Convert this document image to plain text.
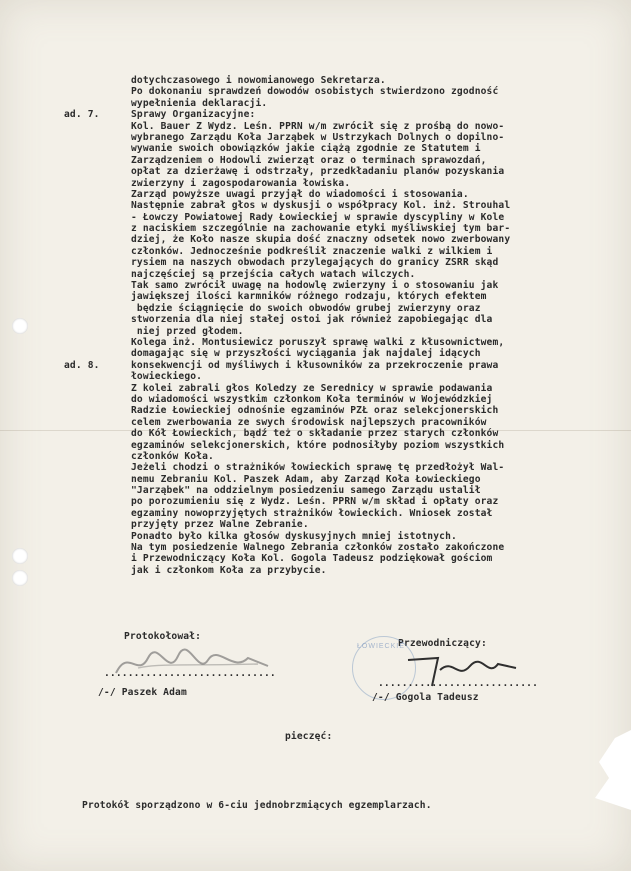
dotychczasowego i nowomianowego Sekretarza.
Po dokonaniu sprawdzeń dowodów osobistych stwierdzono zgodność
wypełnienia deklaracji.
Sprawy Organizacyjne:
Kol. Bauer Z Wydz. Leśn. PPRN w/m zwrócił się z prośbą do nowo-
wybranego Zarządu Koła Jarząbek w Ustrzykach Dolnych o dopilno-
wywanie swoich obowiązków jakie ciążą zgodnie ze Statutem i
Zarządzeniem o Hodowli zwierząt oraz o terminach sprawozdań,
opłat za dzierżawę i odstrzały, przedkładaniu planów pozyskania
zwierzyny i zagospodarowania łowiska.
Zarząd powyższe uwagi przyjął do wiadomości i stosowania.
Następnie zabrał głos w dyskusji o współpracy Kol. inż. Strouhal
- Łowczy Powiatowej Rady Łowieckiej w sprawie dyscypliny w Kole
z naciskiem szczególnie na zachowanie etyki myśliwskiej tym bar-
dziej, że Koło nasze skupia dość znaczny odsetek nowo zwerbowany
członków. Jednocześnie podkreślił znaczenie walki z wilkiem i
rysiem na naszych obwodach przylegających do granicy ZSRR skąd
najczęściej są przejścia całych watach wilczych.
Tak samo zwrócił uwagę na hodowlę zwierzyny i o stosowaniu jak
jawiększej ilości karmników różnego rodzaju, których efektem
będzie ściągnięcie do swoich obwodów grubej zwierzyny oraz
stworzenia dla niej stałej ostoi jak również zapobiegając dla
niej przed głodem.
Kolega inż. Montusiewicz poruszył sprawę walki z kłusownictwem,
domagając się w przyszłości wyciągania jak najdalej idących
konsekwencji od myśliwych i kłusowników za przekroczenie prawa
łowieckiego.
Z kolei zabrali głos Koledzy ze Serednicy w sprawie podawania
do wiadomości wszystkim członkom Koła terminów w Wojewódzkiej
Radzie Łowieckiej odnośnie egzaminów PZŁ oraz selekcjonerskich
celem zwerbowania ze swych środowisk najlepszych pracowników
do Kół Łowieckich, bądź też o składanie przez starych członków
egzaminów selekcjonerskich, które podnosiłyby poziom wszystkich
członków Koła.
Jeżeli chodzi o strażników łowieckich sprawę tę przedłożył Wal-
nemu Zebraniu Kol. Paszek Adam, aby Zarząd Koła Łowieckiego
"Jarząbek" na oddzielnym posiedzeniu samego Zarządu ustalił
po porozumieniu się z Wydz. Leśn. PPRN w/m skład i opłaty oraz
egzaminy nowoprzyjętych strażników łowieckich. Wniosek został
przyjęty przez Walne Zebranie.
Ponadto było kilka głosów dyskusyjnych mniej istotnych.
Na tym posiedzenie Walnego Zebrania członków zostało zakończone
i Przewodniczący Koła Kol. Gogola Tadeusz podziękował gościom
jak i członkom Koła za przybycie.
ad. 7.
ad. 8.
Protokołował:
Przewodniczący:
ŁOWIECKIE
.............................
...........................
/-/ Paszek Adam	/-/ Gogola Tadeusz
pieczęć:
Protokół sporządzono w 6-ciu jednobrzmiących egzemplarzach.
